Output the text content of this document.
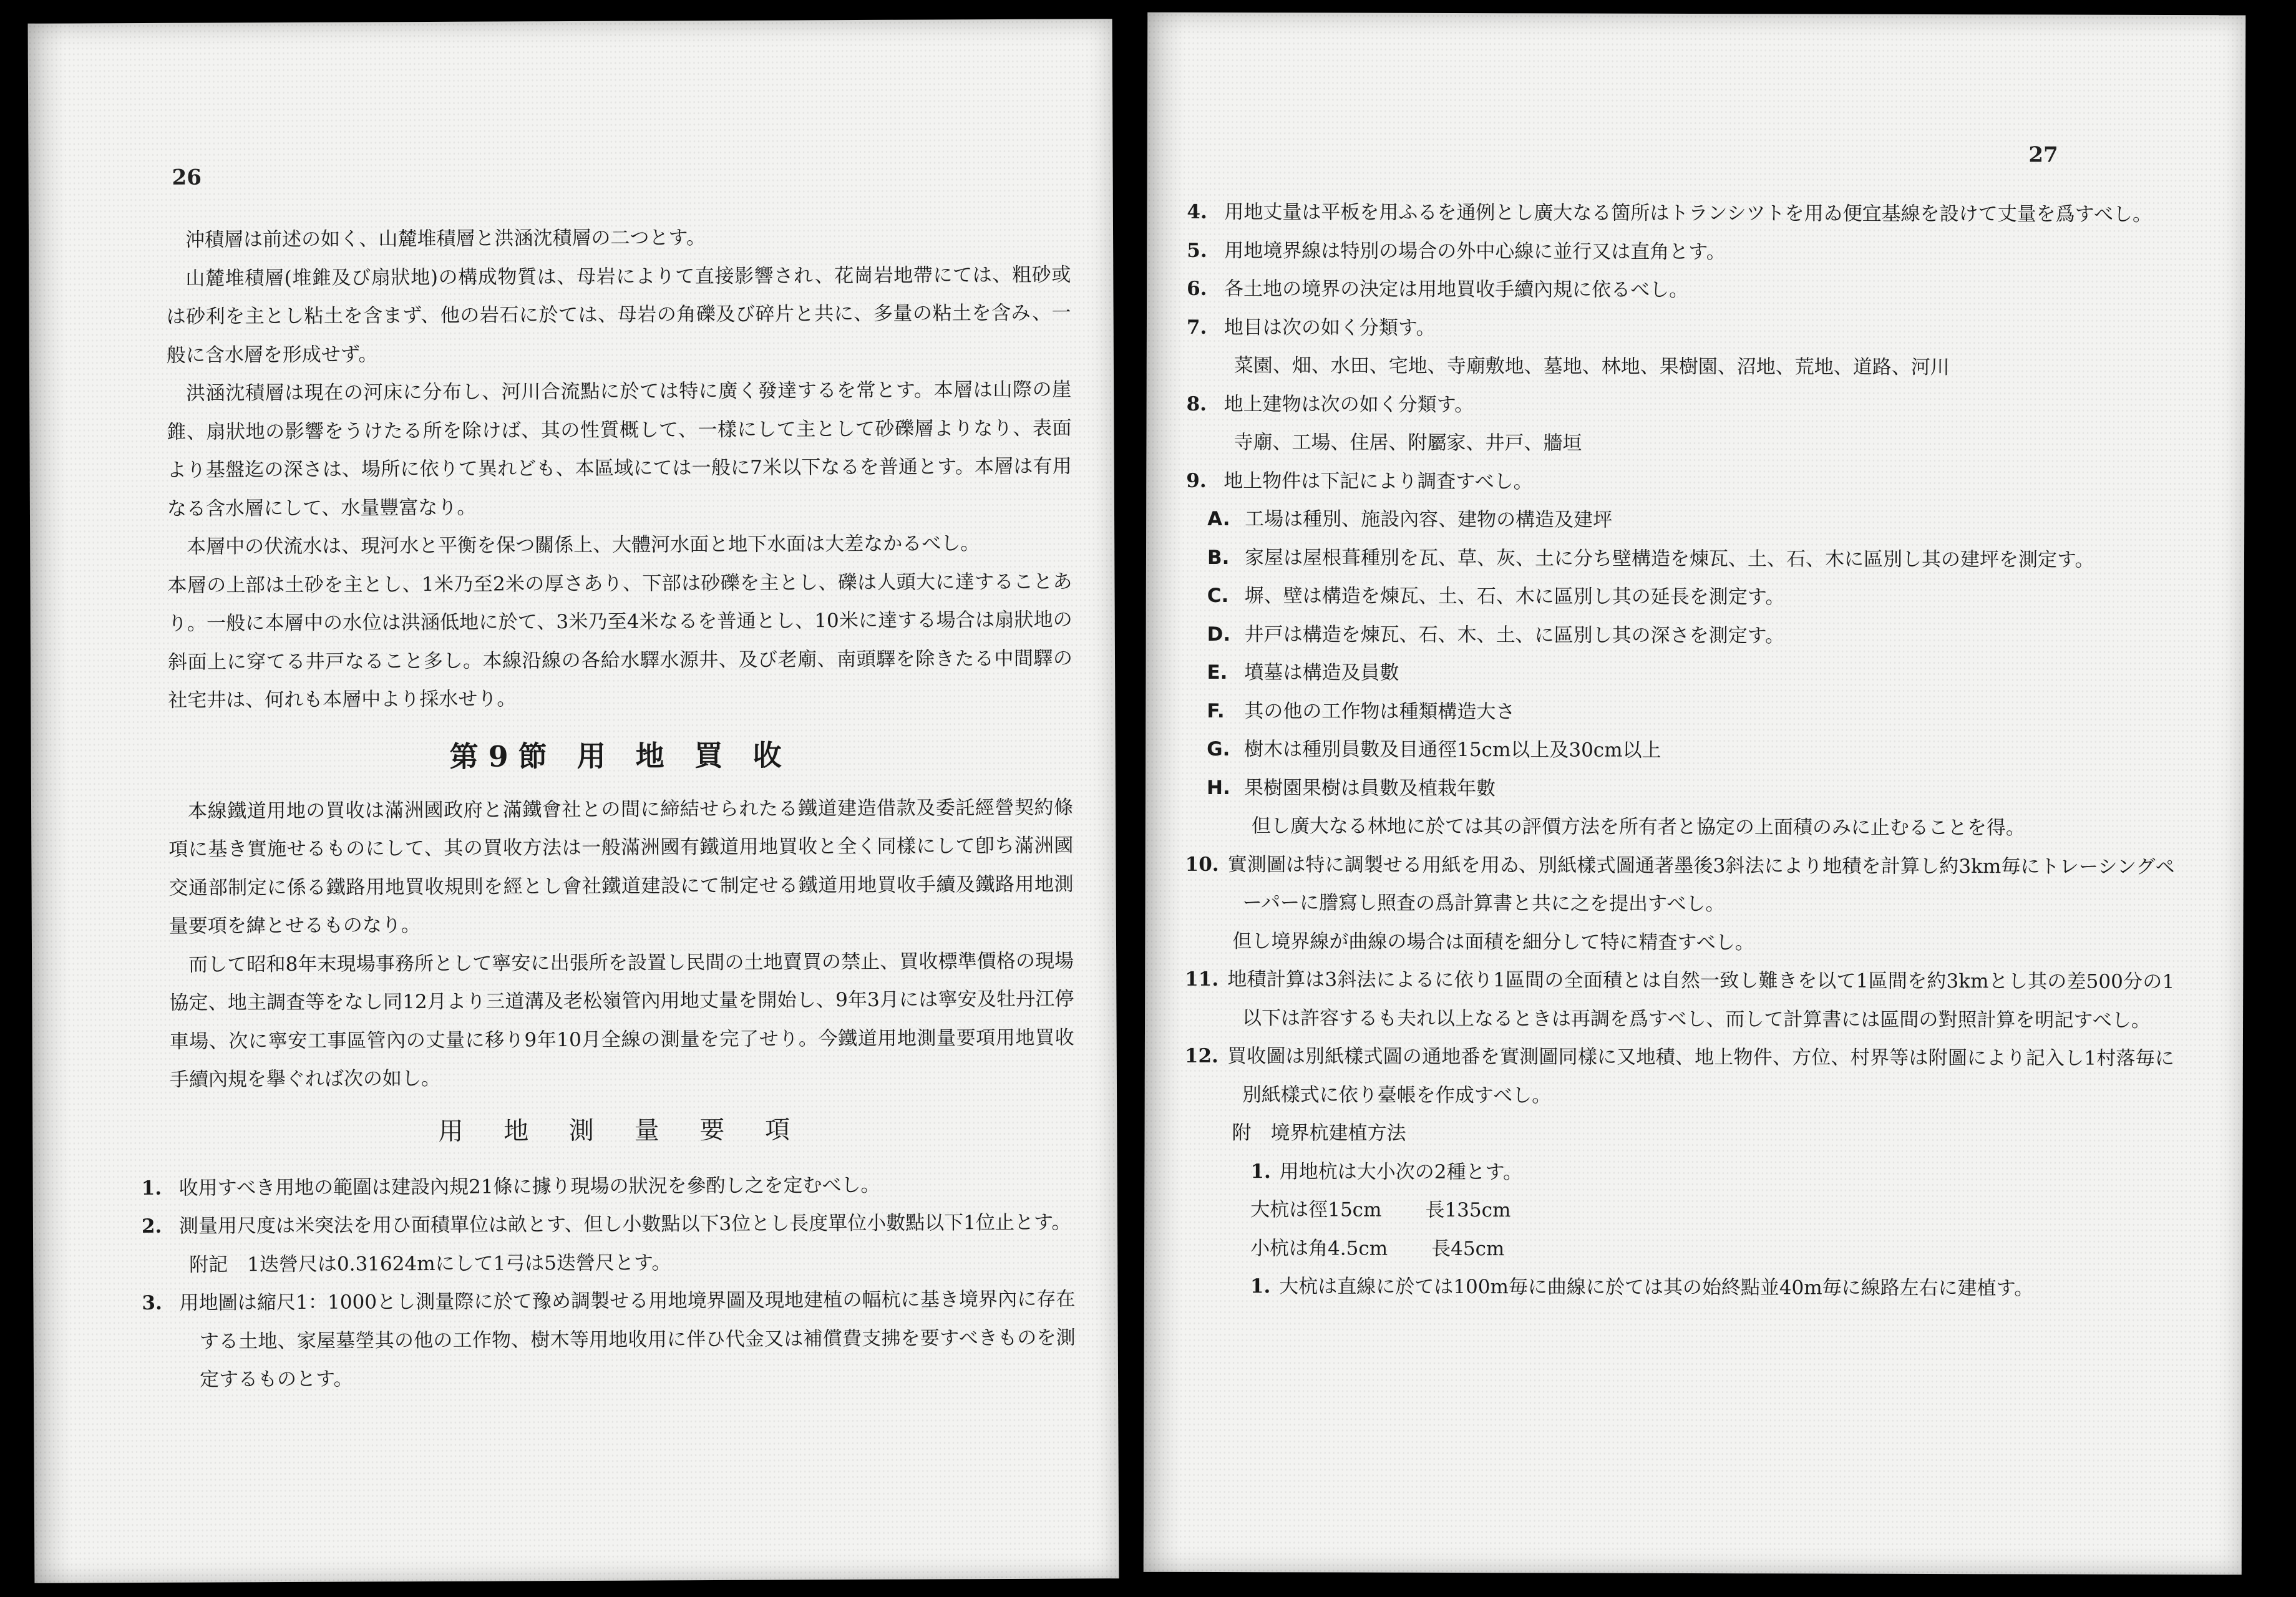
26

沖積層は前述の如く、山麓堆積層と洪涵沈積層の二つとす。

山麓堆積層(堆錐及び扇狀地)の構成物質は、母岩によりて直接影響され、花崗岩地帶にては、粗砂或は砂利を主とし粘土を含まず、他の岩石に於ては、母岩の角礫及び碎片と共に、多量の粘土を含み、一般に含水層を形成せず。

洪涵沈積層は現在の河床に分布し、河川合流點に於ては特に廣く發達するを常とす。本層は山際の崖錐、扇狀地の影響をうけたる所を除けば、其の性質概して、一樣にして主として砂礫層よりなり、表面より基盤迄の深さは、場所に依りて異れども、本區域にては一般に7米以下なるを普通とす。本層は有用なる含水層にして、水量豐富なり。

本層中の伏流水は、現河水と平衡を保つ關係上、大體河水面と地下水面は大差なかるべし。

本層の上部は土砂を主とし、1米乃至2米の厚さあり、下部は砂礫を主とし、礫は人頭大に達することあり。一般に本層中の水位は洪涵低地に於て、3米乃至4米なるを普通とし、10米に達する場合は扇狀地の斜面上に穿てる井戸なること多し。本線沿線の各給水驛水源井、及び老廟、南頭驛を除きたる中間驛の社宅井は、何れも本層中より採水せり。

第9節 用 地 買 收

本線鐵道用地の買收は滿洲國政府と滿鐵會社との間に締結せられたる鐵道建造借款及委託經營契約條項に基き實施せるものにして、其の買收方法は一般滿洲國有鐵道用地買收と全く同樣にして卽ち滿洲國交通部制定に係る鐵路用地買收規則を經とし會社鐵道建設にて制定せる鐵道用地買收手續及鐵路用地測量要項を緯とせるものなり。

而して昭和8年末現場事務所として寧安に出張所を設置し民間の土地賣買の禁止、買收標準價格の現場協定、地主調査等をなし同12月より三道溝及老松嶺管內用地丈量を開始し、9年3月には寧安及牡丹江停車場、次に寧安工事區管內の丈量に移り9年10月全線の測量を完了せり。今鐵道用地測量要項用地買收手續內規を擧ぐれば次の如し。

用 地 測 量 要 項

1. 收用すべき用地の範圍は建設內規21條に據り現場の狀況を參酌し之を定むべし。

2. 測量用尺度は米突法を用ひ面積單位は畝とす、但し小數點以下3位とし長度單位小數點以下1位止とす。

附記　1迭營尺は0.31624mにして1弓は5迭營尺とす。

3. 用地圖は縮尺1：1000とし測量際に於て豫め調製せる用地境界圖及現地建植の幅杭に基き境界內に存在する土地、家屋墓塋其の他の工作物、樹木等用地收用に伴ひ代金又は補償費支拂を要すべきものを測定するものとす。

27

4. 用地丈量は平板を用ふるを通例とし廣大なる箇所はトランシツトを用ゐ便宜基線を設けて丈量を爲すべし。

5. 用地境界線は特別の場合の外中心線に並行又は直角とす。

6. 各土地の境界の決定は用地買收手續內規に依るべし。

7. 地目は次の如く分類す。

菜園、畑、水田、宅地、寺廟敷地、墓地、林地、果樹園、沼地、荒地、道路、河川

8. 地上建物は次の如く分類す。

寺廟、工場、住居、附屬家、井戸、牆垣

9. 地上物件は下記により調査すべし。

A. 工場は種別、施設內容、建物の構造及建坪

B. 家屋は屋根葺種別を瓦、草、灰、土に分ち壁構造を煉瓦、土、石、木に區別し其の建坪を測定す。

C. 塀、壁は構造を煉瓦、土、石、木に區別し其の延長を測定す。

D. 井戸は構造を煉瓦、石、木、土、に區別し其の深さを測定す。

E. 墳墓は構造及員數

F. 其の他の工作物は種類構造大さ

G. 樹木は種別員數及目通徑15cm以上及30cm以上

H. 果樹園果樹は員數及植栽年數

但し廣大なる林地に於ては其の評價方法を所有者と協定の上面積のみに止むることを得。

10. 實測圖は特に調製せる用紙を用ゐ、別紙樣式圖通著墨後3斜法により地積を計算し約3km毎にトレーシングペーパーに謄寫し照査の爲計算書と共に之を提出すべし。

但し境界線が曲線の場合は面積を細分して特に精査すべし。

11. 地積計算は3斜法によるに依り1區間の全面積とは自然一致し難きを以て1區間を約3kmとし其の差500分の1以下は許容するも夫れ以上なるときは再調を爲すべし、而して計算書には區間の對照計算を明記すべし。

12. 買收圖は別紙樣式圖の通地番を實測圖同樣に又地積、地上物件、方位、村界等は附圖により記入し1村落毎に別紙樣式に依り臺帳を作成すべし。

附　境界杭建植方法

1. 用地杭は大小次の2種とす。

大杭は徑15cm 長135cm

小杭は角4.5cm 長45cm

1. 大杭は直線に於ては100m毎に曲線に於ては其の始終點並40m毎に線路左右に建植す。
